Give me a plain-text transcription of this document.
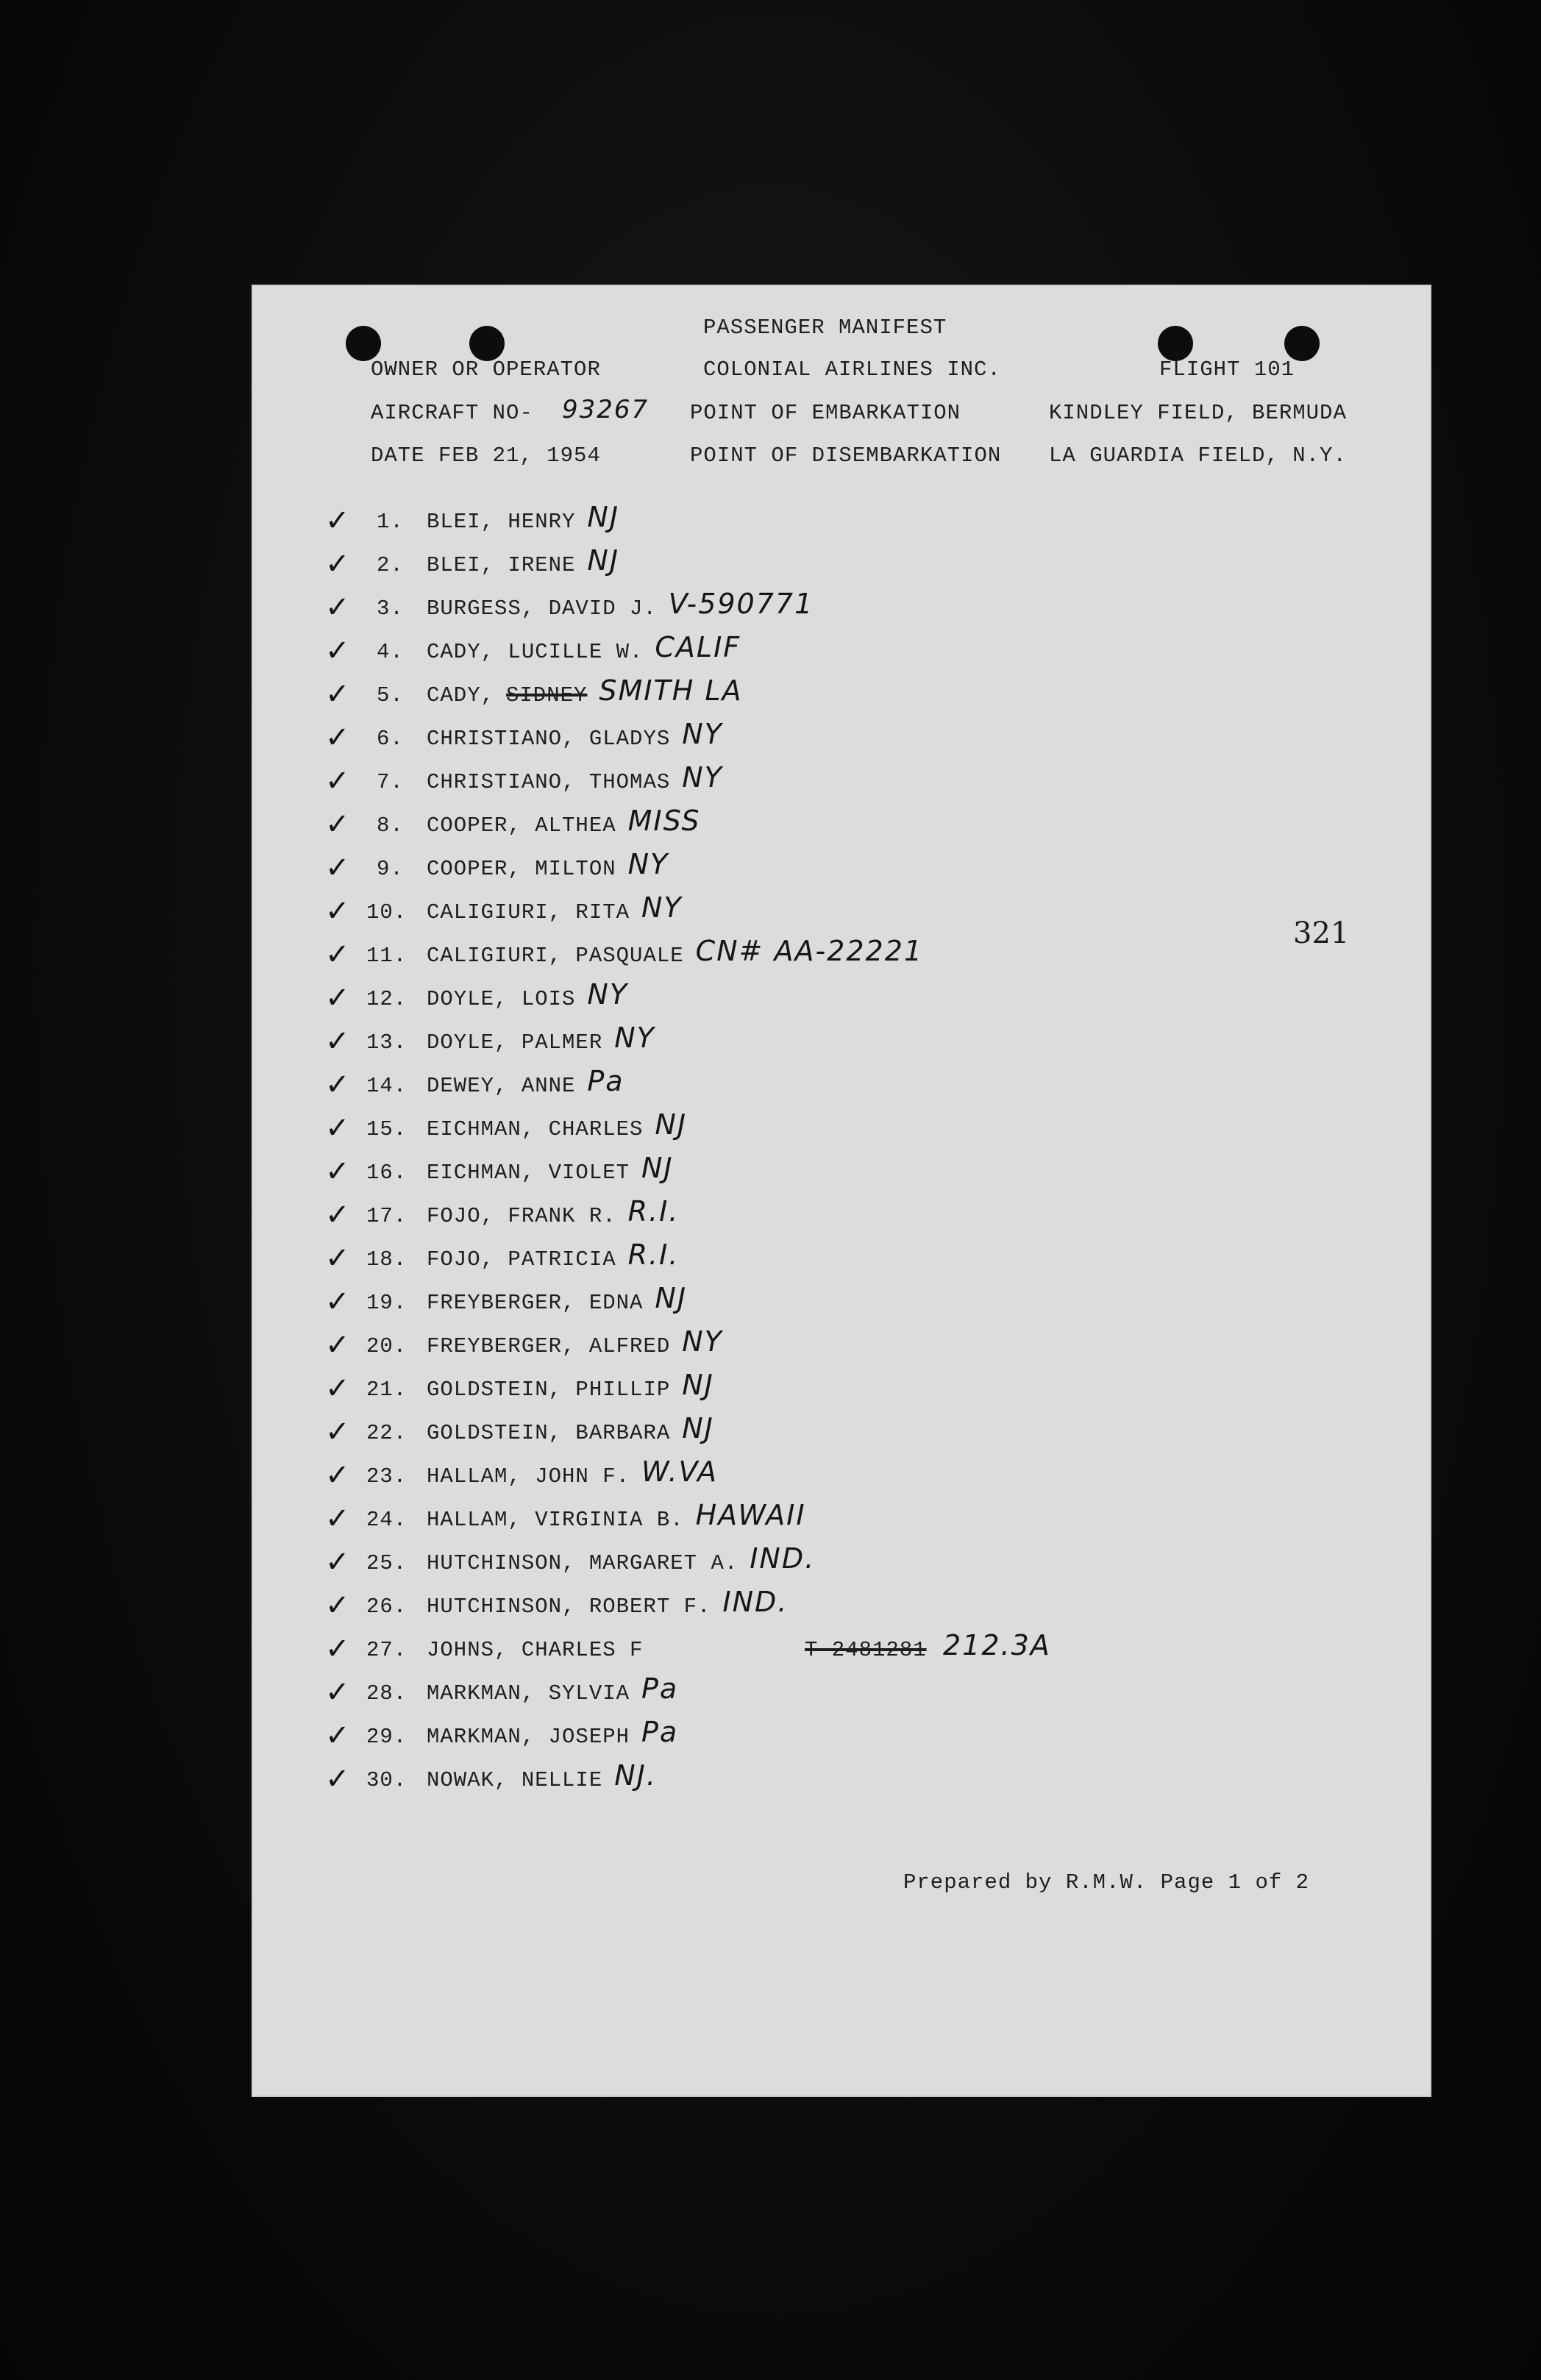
PASSENGER MANIFEST
OWNER OR OPERATOR	COLONIAL AIRLINES INC.	FLIGHT 101
AIRCRAFT NO- 93267 POINT OF EMBARKATION	KINDLEY FIELD, BERMUDA
DATE FEB 21, 1954	POINT OF DISEMBARKATION LA GUARDIA FIELD, N.Y.
✓ 1. BLEI, HENRY NJ
✓ 2. BLEI, IRENE NJ
✓ 3. BURGESS, DAVID J. V-590771
✓ 4. CADY, LUCILLE W. CALIF
✓ 5. CADY, SIDNEY SMITH LA
✓ 6. CHRISTIANO, GLADYS NY
✓ 7. CHRISTIANO, THOMAS NY
✓ 8. COOPER, ALTHEA MISS
✓ 9. COOPER, MILTON NY
✓ 10. CALIGIURI, RITA NY
✓ 11. CALIGIURI, PASQUALE CN# AA-22221
✓ 12. DOYLE, LOIS NY
✓ 13. DOYLE, PALMER NY
✓ 14. DEWEY, ANNE Pa
✓ 15. EICHMAN, CHARLES NJ
✓ 16. EICHMAN, VIOLET NJ
✓ 17. FOJO, FRANK R. R.I.
✓ 18. FOJO, PATRICIA R.I.
✓ 19. FREYBERGER, EDNA NJ
✓ 20. FREYBERGER, ALFRED NY
✓ 21. GOLDSTEIN, PHILLIP NJ
✓ 22. GOLDSTEIN, BARBARA NJ
✓ 23. HALLAM, JOHN F. W.VA
✓ 24. HALLAM, VIRGINIA B. HAWAII
✓ 25. HUTCHINSON, MARGARET A. IND.
✓ 26. HUTCHINSON, ROBERT F. IND.
✓ 27. JOHNS, CHARLES F	T-2481281 212.3A
✓ 28. MARKMAN, SYLVIA Pa
✓ 29. MARKMAN, JOSEPH Pa
✓ 30. NOWAK, NELLIE NJ.
321
Prepared by R.M.W. Page 1 of 2
